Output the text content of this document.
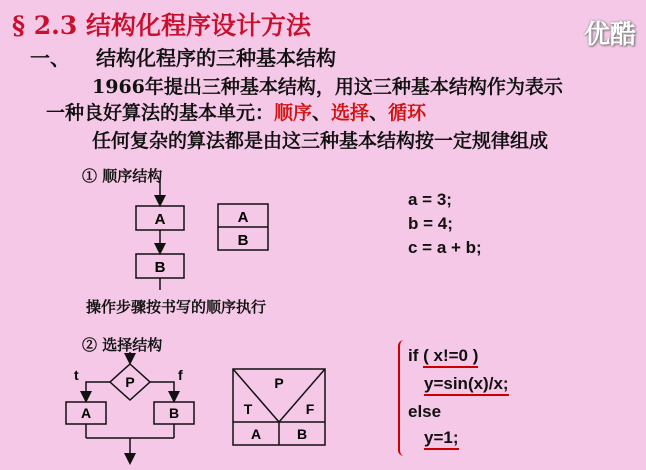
§ 2.3 结构化程序设计方法	优酷
一、 结构化程序的三种基本结构
1966年提出三种基本结构，用这三种基本结构作为表示
一种良好算法的基本单元：顺序、选择、循环
任何复杂的算法都是由这三种基本结构按一定规律组成
① 顺序结构
A
B
A
B
a = 3;
b = 4;
c = a + b;
操作步骤按书写的顺序执行
② 选择结构
P
t
A
f
B
P
T	F
A	B
if ( x!=0 )
y=sin(x)/x;
else
y=1;
